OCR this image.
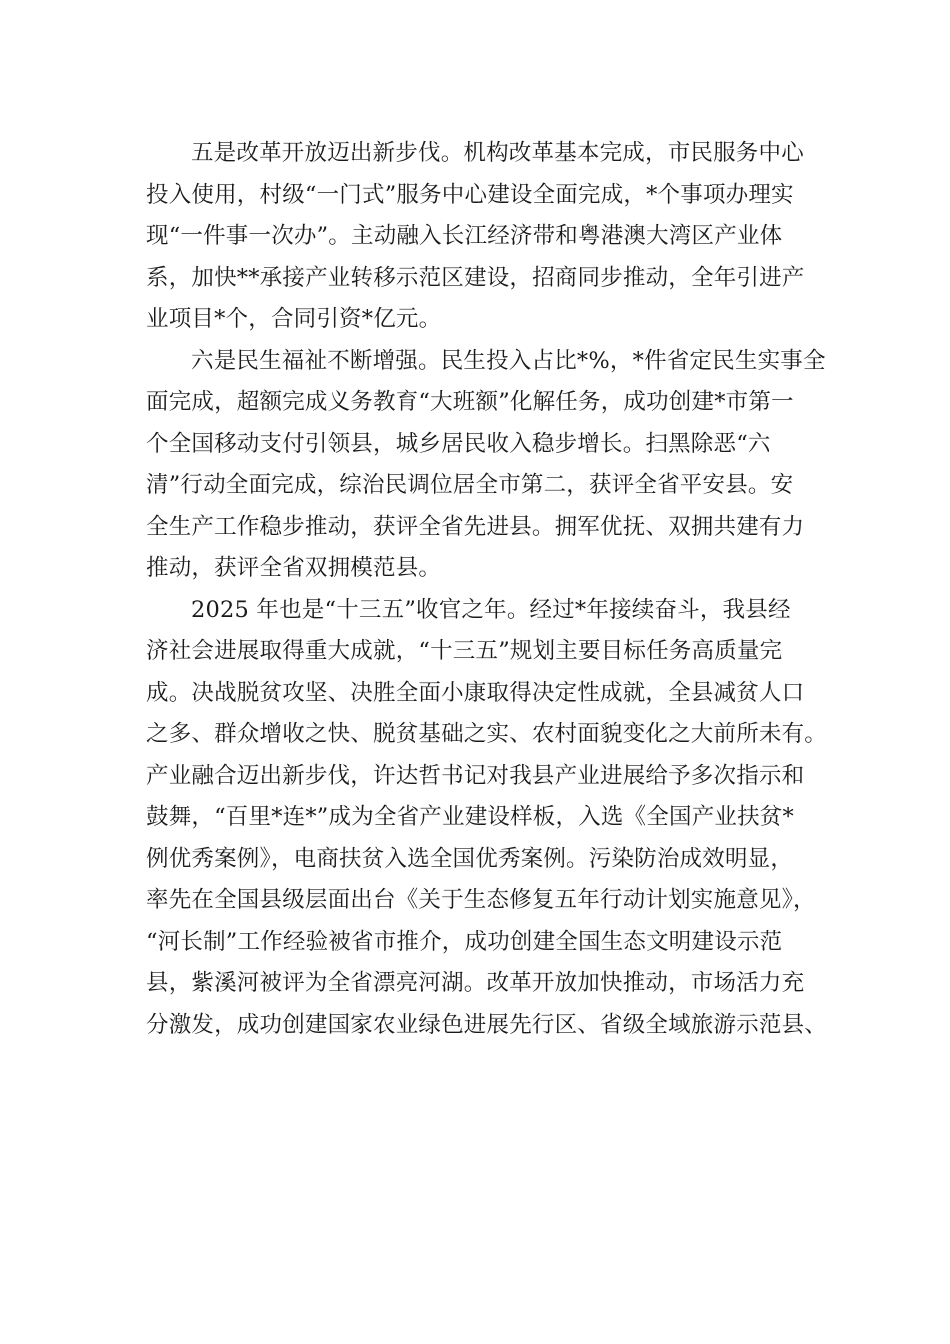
五是改革开放迈出新步伐。机构改革基本完成，市民服务中心
投入使用，村级“一门式”服务中心建设全面完成，*个事项办理实
现“一件事一次办”。主动融入长江经济带和粤港澳大湾区产业体
系，加快**承接产业转移示范区建设，招商同步推动，全年引进产
业项目*个，合同引资*亿元。
六是民生福祉不断增强。民生投入占比*%，*件省定民生实事全
面完成，超额完成义务教育“大班额”化解任务，成功创建*市第一
个全国移动支付引领县，城乡居民收入稳步增长。扫黑除恶“六
清”行动全面完成，综治民调位居全市第二，获评全省平安县。安
全生产工作稳步推动，获评全省先进县。拥军优抚、双拥共建有力
推动，获评全省双拥模范县。
2025 年也是“十三五”收官之年。经过*年接续奋斗，我县经
济社会进展取得重大成就，“十三五”规划主要目标任务高质量完
成。决战脱贫攻坚、决胜全面小康取得决定性成就，全县减贫人口
之多、群众增收之快、脱贫基础之实、农村面貌变化之大前所未有。
产业融合迈出新步伐，许达哲书记对我县产业进展给予多次指示和
鼓舞，“百里*连*”成为全省产业建设样板，入选《全国产业扶贫*
例优秀案例》，电商扶贫入选全国优秀案例。污染防治成效明显，
率先在全国县级层面出台《关于生态修复五年行动计划实施意见》，
“河长制”工作经验被省市推介，成功创建全国生态文明建设示范
县，紫溪河被评为全省漂亮河湖。改革开放加快推动，市场活力充
分激发，成功创建国家农业绿色进展先行区、省级全域旅游示范县、
